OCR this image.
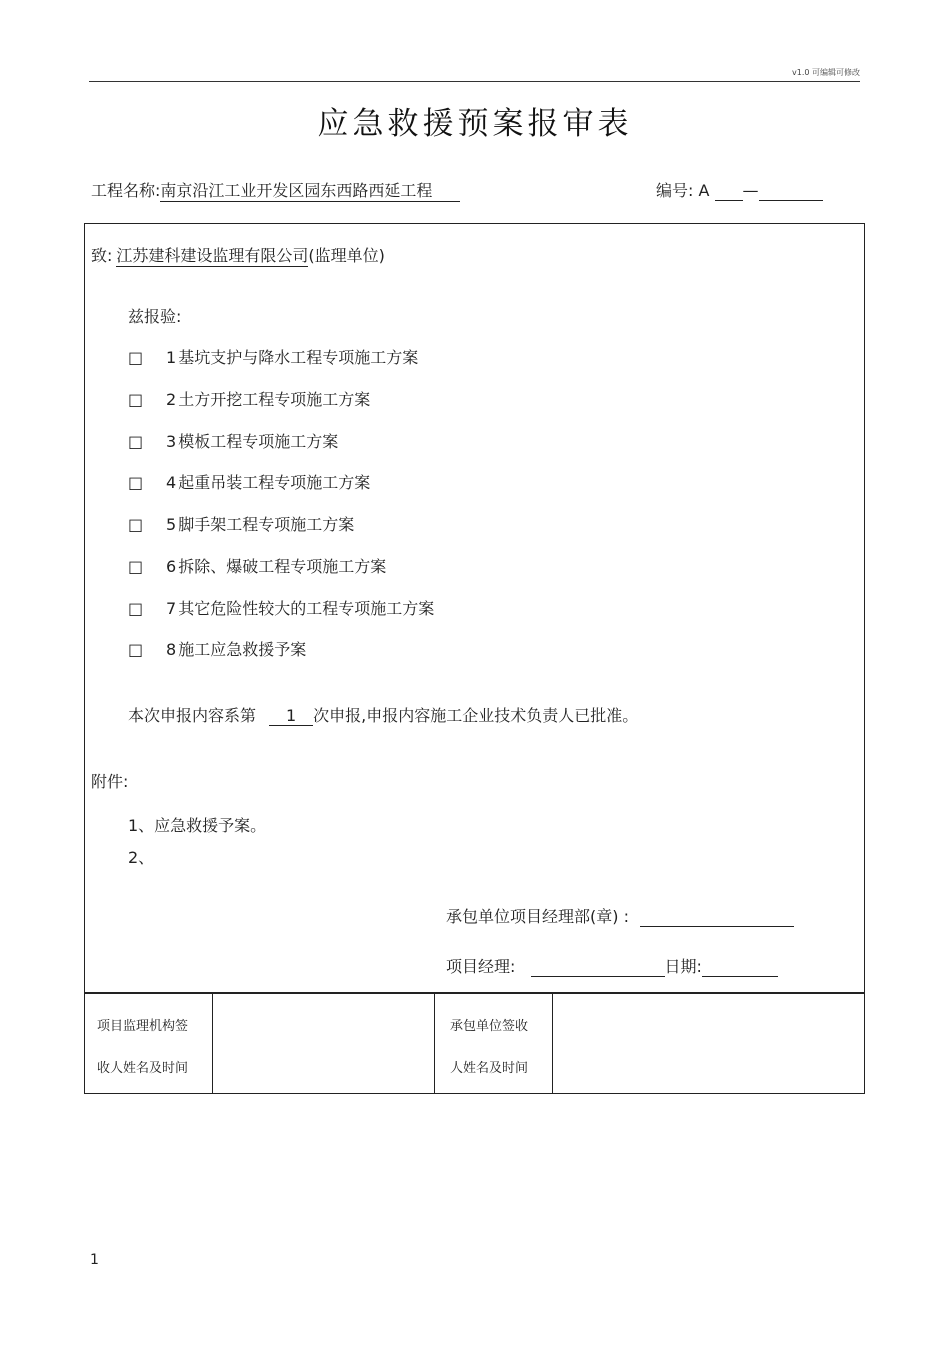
v1.0 可编辑可修改
应急救援预案报审表
工程名称:南京沿江工业开发区园东西路西延工程	编号: A —
致: 江苏建科建设监理有限公司(监理单位)
兹报验:
□ 1 基坑支护与降水工程专项施工方案
□ 2 土方开挖工程专项施工方案
□ 3 模板工程专项施工方案
□ 4 起重吊装工程专项施工方案
□ 5 脚手架工程专项施工方案
□ 6 拆除、爆破工程专项施工方案
□ 7 其它危险性较大的工程专项施工方案
□ 8 施工应急救援予案
本次申报内容系第 1 次申报,申报内容施工企业技术负责人已批准。
附件:
1、应急救援予案。
2、
承包单位项目经理部(章) :
项目经理:	日期:
项目监理机构签
收人姓名及时间
承包单位签收
人姓名及时间
1
